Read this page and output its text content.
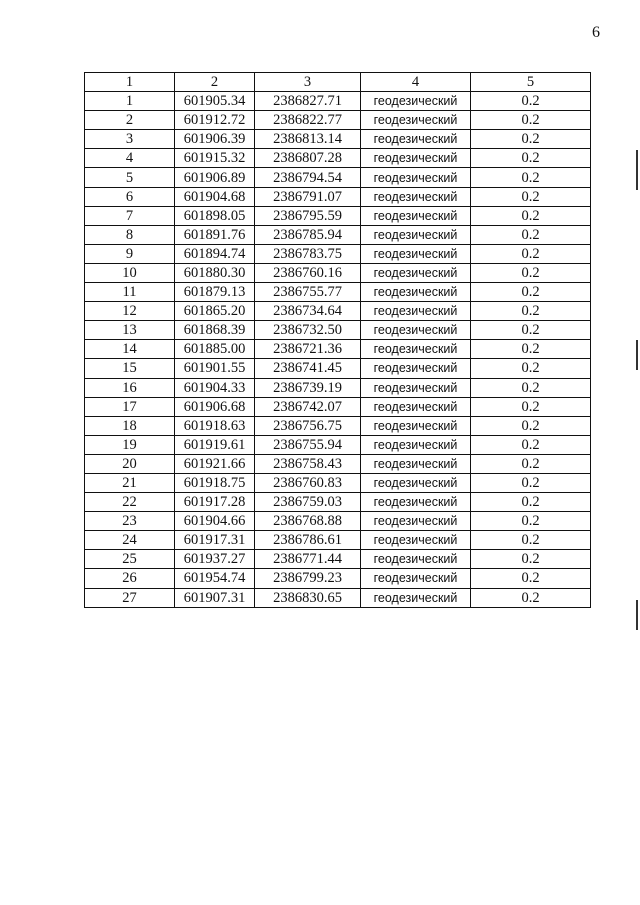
6
1	2	3	4	5
1	601905.34	2386827.71	геодезический	0.2
2	601912.72	2386822.77	геодезический	0.2
3	601906.39	2386813.14	геодезический	0.2
4	601915.32	2386807.28	геодезический	0.2
5	601906.89	2386794.54	геодезический	0.2
6	601904.68	2386791.07	геодезический	0.2
7	601898.05	2386795.59	геодезический	0.2
8	601891.76	2386785.94	геодезический	0.2
9	601894.74	2386783.75	геодезический	0.2
10	601880.30	2386760.16	геодезический	0.2
11	601879.13	2386755.77	геодезический	0.2
12	601865.20	2386734.64	геодезический	0.2
13	601868.39	2386732.50	геодезический	0.2
14	601885.00	2386721.36	геодезический	0.2
15	601901.55	2386741.45	геодезический	0.2
16	601904.33	2386739.19	геодезический	0.2
17	601906.68	2386742.07	геодезический	0.2
18	601918.63	2386756.75	геодезический	0.2
19	601919.61	2386755.94	геодезический	0.2
20	601921.66	2386758.43	геодезический	0.2
21	601918.75	2386760.83	геодезический	0.2
22	601917.28	2386759.03	геодезический	0.2
23	601904.66	2386768.88	геодезический	0.2
24	601917.31	2386786.61	геодезический	0.2
25	601937.27	2386771.44	геодезический	0.2
26	601954.74	2386799.23	геодезический	0.2
27	601907.31	2386830.65	геодезический	0.2
